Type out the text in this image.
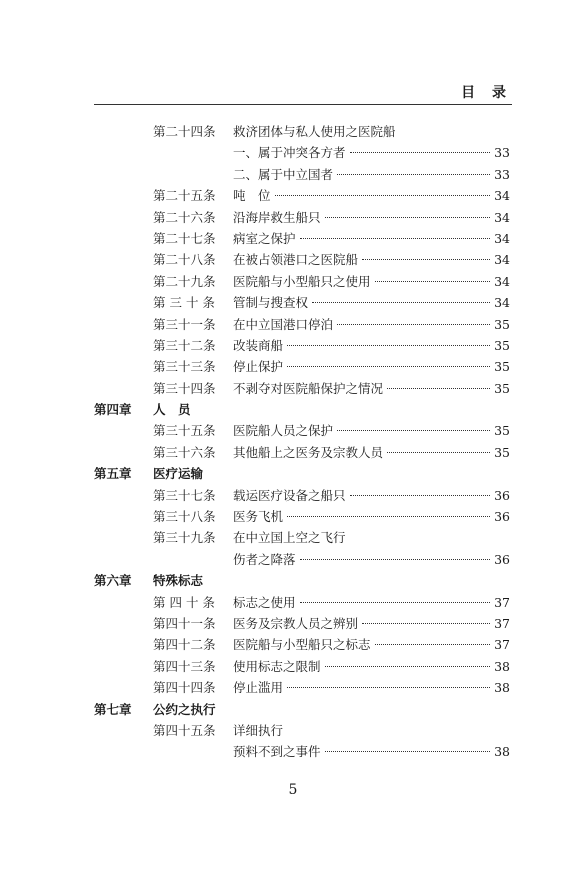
目 录
第二十四条 救济团体与私人使用之医院船
一、属于冲突各方者	33
二、属于中立国者	33
第二十五条 吨　位	34
第二十六条 沿海岸救生船只	34
第二十七条 病室之保护	34
第二十八条 在被占领港口之医院船	34
第二十九条 医院船与小型船只之使用	34
第 三 十 条 管制与搜查权	34
第三十一条 在中立国港口停泊	35
第三十二条 改装商船	35
第三十三条 停止保护	35
第三十四条 不剥夺对医院船保护之情况	35
第四章 人　员
第三十五条 医院船人员之保护	35
第三十六条 其他船上之医务及宗教人员	35
第五章 医疗运输
第三十七条 载运医疗设备之船只	36
第三十八条 医务飞机	36
第三十九条 在中立国上空之飞行
伤者之降落	36
第六章 特殊标志
第 四 十 条 标志之使用	37
第四十一条 医务及宗教人员之辨别	37
第四十二条 医院船与小型船只之标志	37
第四十三条 使用标志之限制	38
第四十四条 停止滥用	38
第七章 公约之执行
第四十五条 详细执行
预料不到之事件	38
5
